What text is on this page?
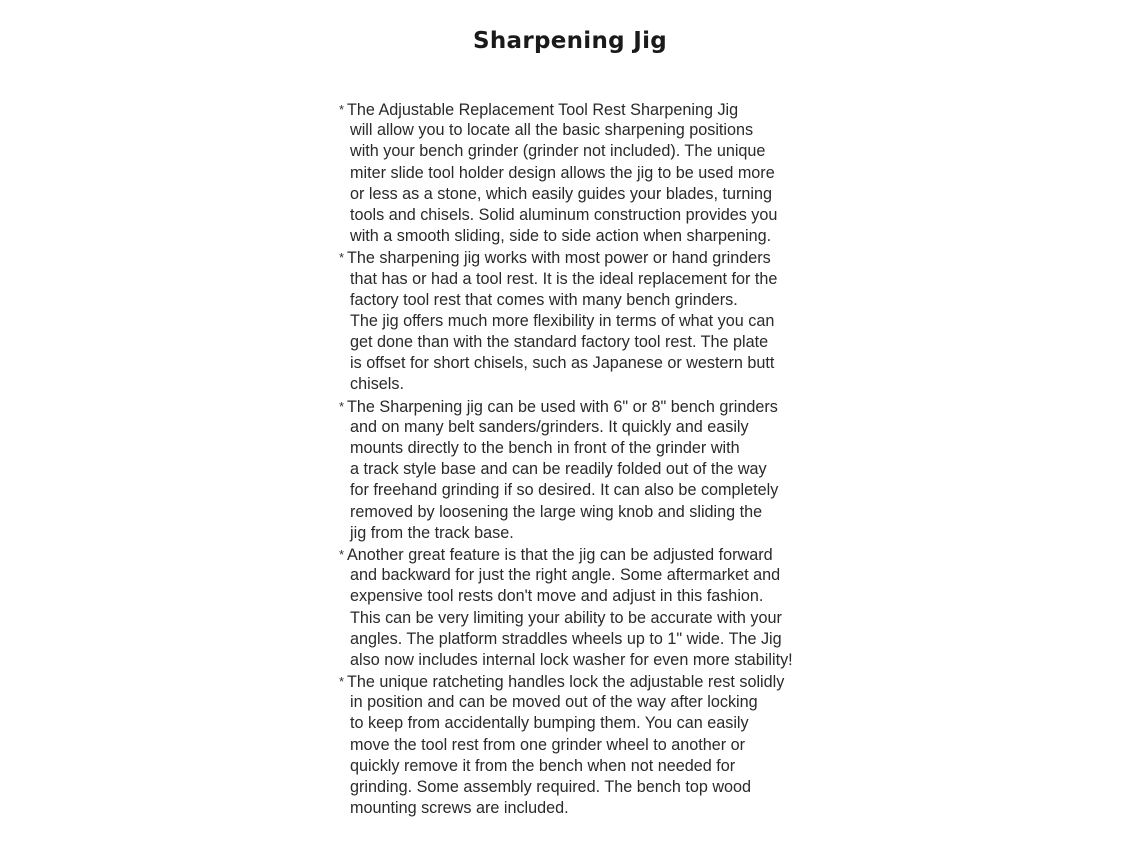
Sharpening Jig
* The Adjustable Replacement Tool Rest Sharpening Jig
will allow you to locate all the basic sharpening positions
with your bench grinder (grinder not included). The unique
miter slide tool holder design allows the jig to be used more
or less as a stone, which easily guides your blades, turning
tools and chisels. Solid aluminum construction provides you
with a smooth sliding, side to side action when sharpening.
* The sharpening jig works with most power or hand grinders
that has or had a tool rest. It is the ideal replacement for the
factory tool rest that comes with many bench grinders.
The jig offers much more flexibility in terms of what you can
get done than with the standard factory tool rest. The plate
is offset for short chisels, such as Japanese or western butt
chisels.
* The Sharpening jig can be used with 6" or 8" bench grinders
and on many belt sanders/grinders. It quickly and easily
mounts directly to the bench in front of the grinder with
a track style base and can be readily folded out of the way
for freehand grinding if so desired. It can also be completely
removed by loosening the large wing knob and sliding the
jig from the track base.
* Another great feature is that the jig can be adjusted forward
and backward for just the right angle. Some aftermarket and
expensive tool rests don't move and adjust in this fashion.
This can be very limiting your ability to be accurate with your
angles. The platform straddles wheels up to 1" wide. The Jig
also now includes internal lock washer for even more stability!
* The unique ratcheting handles lock the adjustable rest solidly
in position and can be moved out of the way after locking
to keep from accidentally bumping them. You can easily
move the tool rest from one grinder wheel to another or
quickly remove it from the bench when not needed for
grinding. Some assembly required. The bench top wood
mounting screws are included.
